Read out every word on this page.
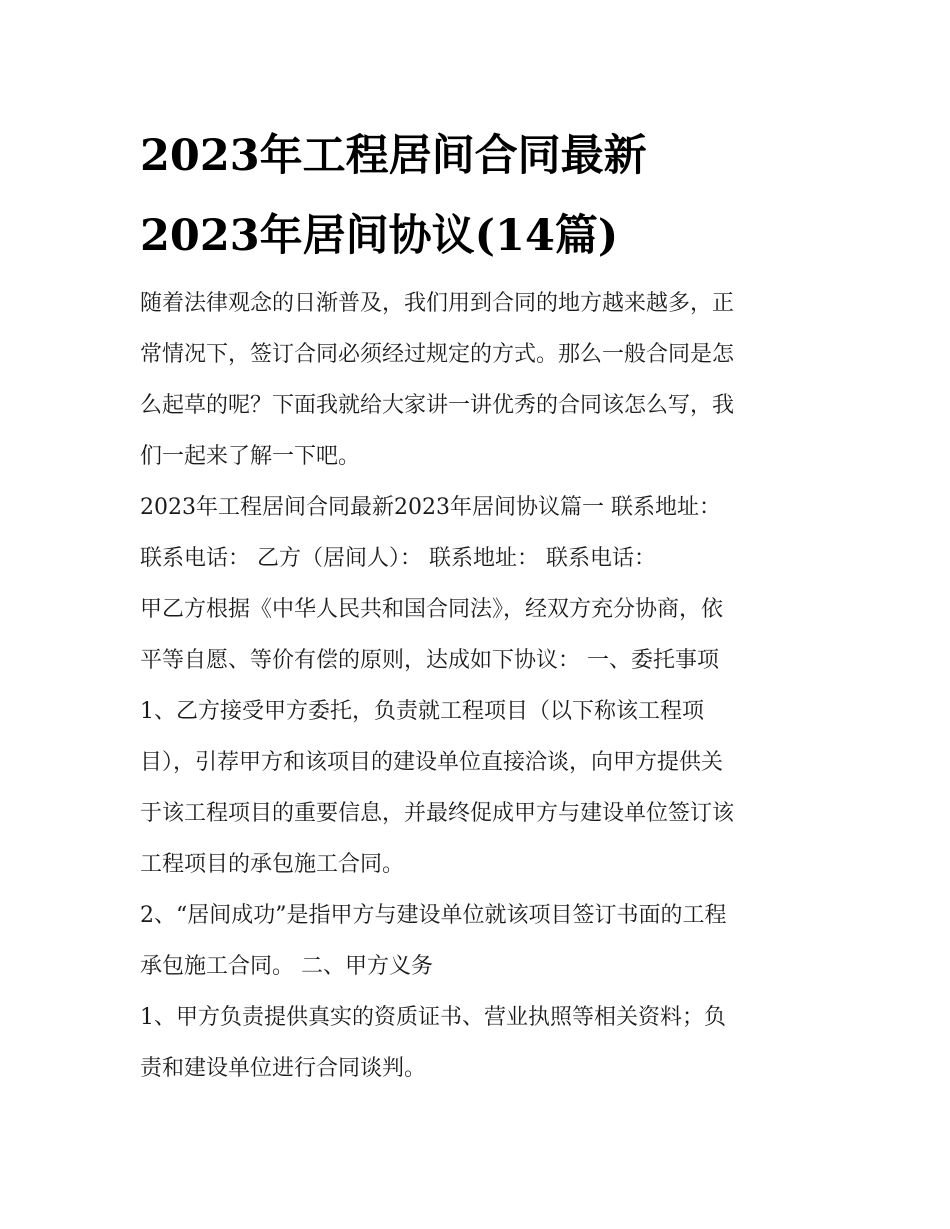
2023年工程居间合同最新
2023年居间协议(14篇)

随着法律观念的日渐普及，我们用到合同的地方越来越多，正
常情况下，签订合同必须经过规定的方式。那么一般合同是怎
么起草的呢？下面我就给大家讲一讲优秀的合同该怎么写，我
们一起来了解一下吧。

2023年工程居间合同最新2023年居间协议篇一 联系地址：
联系电话： 乙方（居间人）： 联系地址： 联系电话：
甲乙方根据《中华人民共和国合同法》，经双方充分协商，依
平等自愿、等价有偿的原则，达成如下协议： 一、委托事项

1、乙方接受甲方委托，负责就工程项目（以下称该工程项
目），引荐甲方和该项目的建设单位直接洽谈，向甲方提供关
于该工程项目的重要信息，并最终促成甲方与建设单位签订该
工程项目的承包施工合同。

2、“居间成功”是指甲方与建设单位就该项目签订书面的工程
承包施工合同。 二、甲方义务

1、甲方负责提供真实的资质证书、营业执照等相关资料；负
责和建设单位进行合同谈判。
